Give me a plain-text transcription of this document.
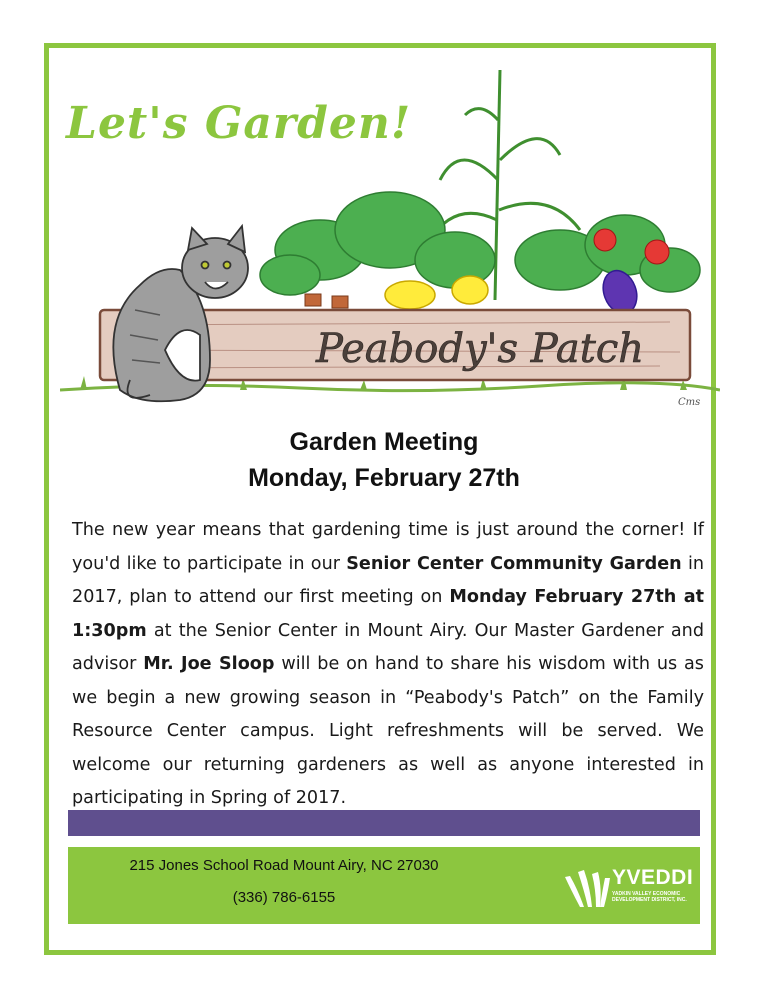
Peabody's Patch
Cms
Let's Garden!
Garden Meeting
Monday, February 27th

The new year means that gardening time is just around the corner! If you'd like to participate in our Senior Center Community Garden in 2017, plan to attend our first meeting on Monday February 27th at 1:30pm at the Senior Center in Mount Airy. Our Master Gardener and advisor Mr. Joe Sloop will be on hand to share his wisdom with us as we begin a new growing season in “Peabody's Patch” on the Family Resource Center campus. Light refreshments will be served. We welcome our returning gardeners as well as anyone interested in participating in Spring of 2017.

215 Jones School Road Mount Airy, NC 27030

(336) 786-6155

YVEDDI

YADKIN VALLEY ECONOMIC DEVELOPMENT DISTRICT, INC.
